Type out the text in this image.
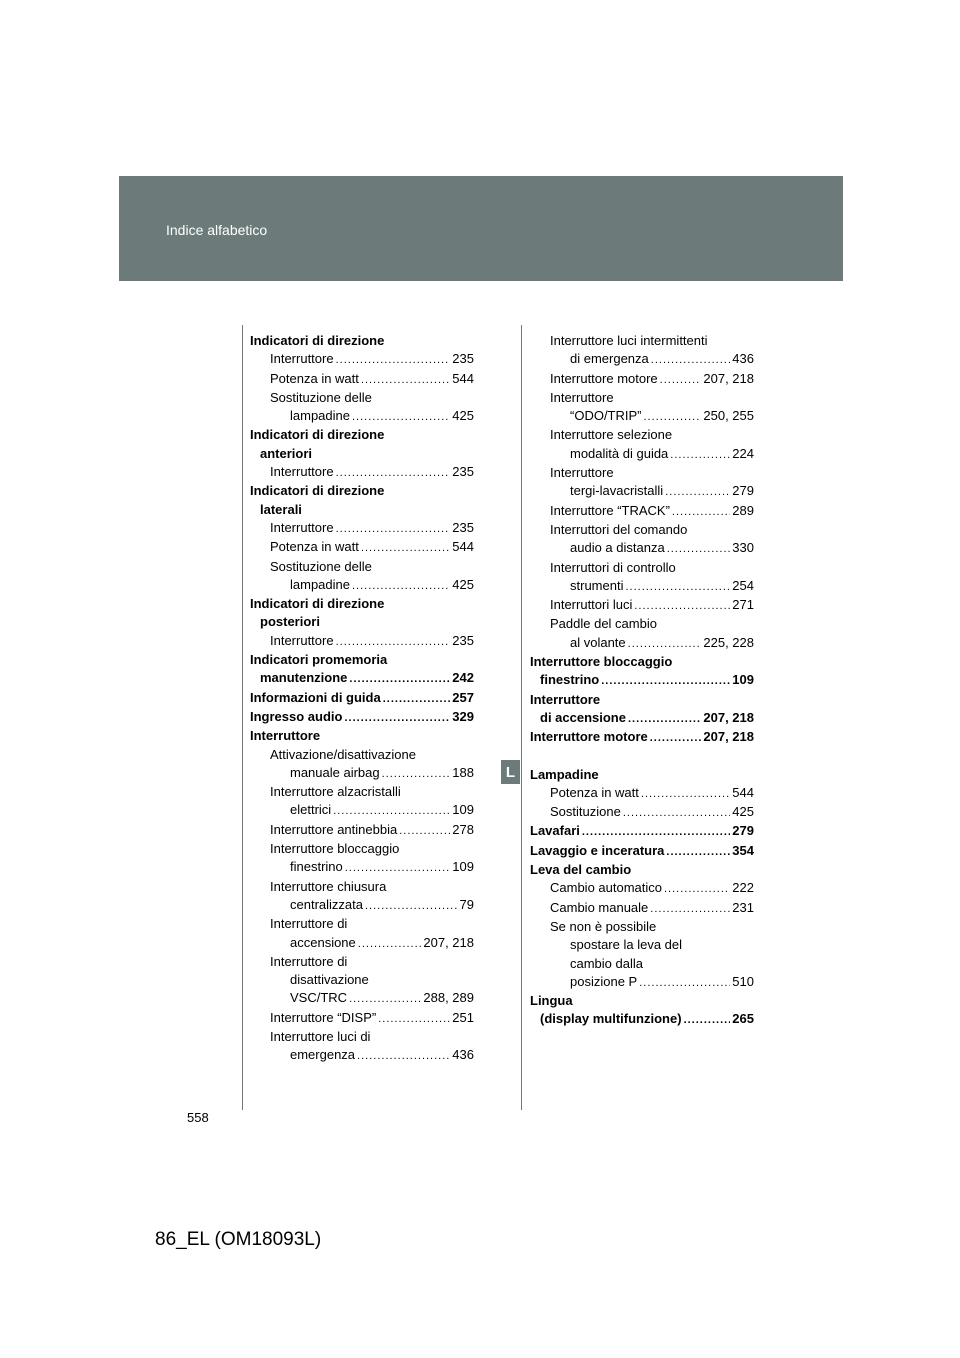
Indice alfabetico
Indicatori di direzione
Interruttore .....	235
Potenza in watt .....	544
Sostituzione delle
lampadine .....	425
Indicatori di direzione
anteriori
Interruttore .....	235
Indicatori di direzione
laterali
Interruttore .....	235
Potenza in watt .....	544
Sostituzione delle
lampadine .....	425
Indicatori di direzione
posteriori
Interruttore .....	235
Indicatori promemoria
manutenzione .....	242
Informazioni di guida .....	257
Ingresso audio .....	329
Interruttore
Attivazione/disattivazione
manuale airbag .....	188
Interruttore alzacristalli
elettrici .....	109
Interruttore antinebbia .....	278
Interruttore bloccaggio
finestrino .....	109
Interruttore chiusura
centralizzata .....	79
Interruttore di
accensione .....	207, 218
Interruttore di
disattivazione
VSC/TRC .....	288, 289
Interruttore “DISP” .....	251
Interruttore luci di
emergenza .....	436
Interruttore luci intermittenti
di emergenza .....	436
Interruttore motore .....	207, 218
Interruttore
“ODO/TRIP” .....	250, 255
Interruttore selezione
modalità di guida .....	224
Interruttore
tergi-lavacristalli .....	279
Interruttore “TRACK” .....	289
Interruttori del comando
audio a distanza .....	330
Interruttori di controllo
strumenti .....	254
Interruttori luci .....	271
Paddle del cambio
al volante .....	225, 228
Interruttore bloccaggio
finestrino .....	109
Interruttore
di accensione .....	207, 218
Interruttore motore .....	207, 218
Lampadine
Potenza in watt .....	544
Sostituzione .....	425
Lavafari .....	279
Lavaggio e inceratura .....	354
Leva del cambio
Cambio automatico .....	222
Cambio manuale .....	231
Se non è possibile
spostare la leva del
cambio dalla
posizione P .....	510
Lingua
(display multifunzione) .....	265
L
558
86_EL (OM18093L)
